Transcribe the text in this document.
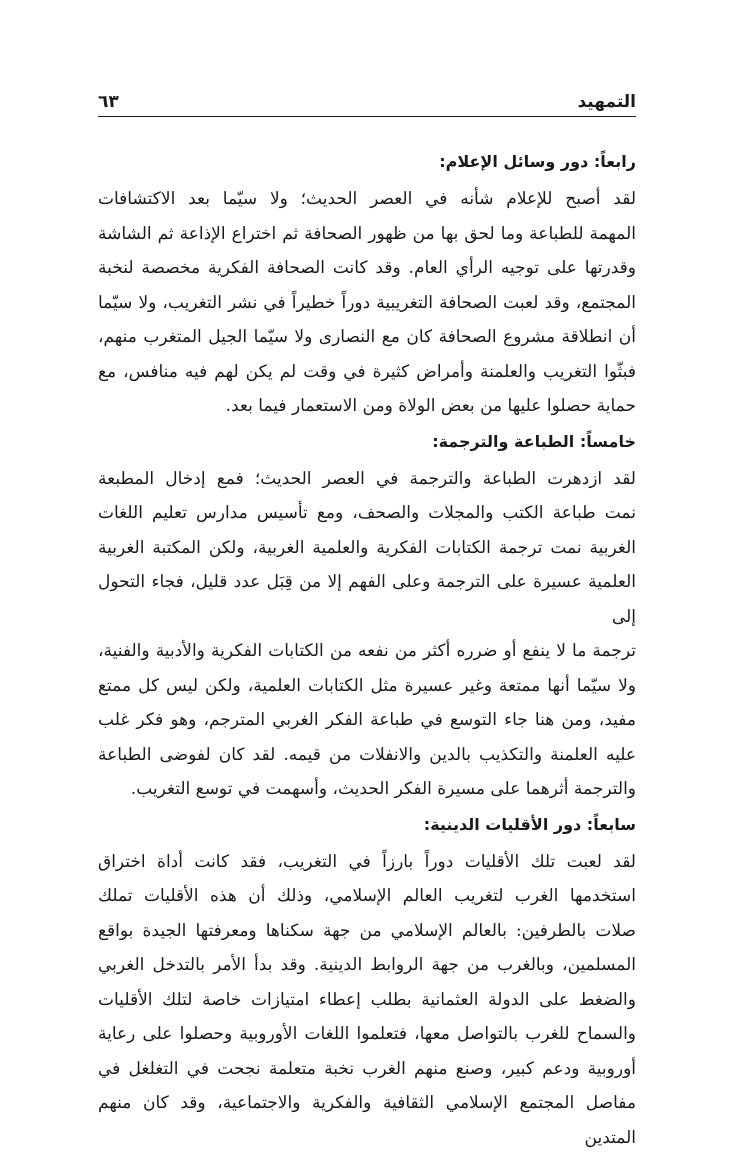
التمهيد
٦٣
رابعاً: دور وسائل الإعلام:
لقد أصبح للإعلام شأنه في العصر الحديث؛ ولا سيّما بعد الاكتشافات
المهمة للطباعة وما لحق بها من ظهور الصحافة ثم اختراع الإذاعة ثم الشاشة
وقدرتها على توجيه الرأي العام. وقد كانت الصحافة الفكرية مخصصة لنخبة
المجتمع، وقد لعبت الصحافة التغريبية دوراً خطيراً في نشر التغريب، ولا سيّما
أن انطلاقة مشروع الصحافة كان مع النصارى ولا سيّما الجيل المتغرب منهم،
فبثّوا التغريب والعلمنة وأمراض كثيرة في وقت لم يكن لهم فيه منافس، مع
حماية حصلوا عليها من بعض الولاة ومن الاستعمار فيما بعد.
خامساً: الطباعة والترجمة:
لقد ازدهرت الطباعة والترجمة في العصر الحديث؛ فمع إدخال المطبعة
نمت طباعة الكتب والمجلات والصحف، ومع تأسيس مدارس تعليم اللغات
الغربية نمت ترجمة الكتابات الفكرية والعلمية الغربية، ولكن المكتبة الغربية
العلمية عسيرة على الترجمة وعلى الفهم إلا من قِبَل عدد قليل، فجاء التحول إلى
ترجمة ما لا ينفع أو ضرره أكثر من نفعه من الكتابات الفكرية والأدبية والفنية،
ولا سيّما أنها ممتعة وغير عسيرة مثل الكتابات العلمية، ولكن ليس كل ممتع
مفيد، ومن هنا جاء التوسع في طباعة الفكر الغربي المترجم، وهو فكر غلب
عليه العلمنة والتكذيب بالدين والانفلات من قيمه. لقد كان لفوضى الطباعة
والترجمة أثرهما على مسيرة الفكر الحديث، وأسهمت في توسع التغريب.
سابعاً: دور الأقليات الدينية:
لقد لعبت تلك الأقليات دوراً بارزاً في التغريب، فقد كانت أداة اختراق
استخدمها الغرب لتغريب العالم الإسلامي، وذلك أن هذه الأقليات تملك
صلات بالطرفين: بالعالم الإسلامي من جهة سكناها ومعرفتها الجيدة بواقع
المسلمين، وبالغرب من جهة الروابط الدينية. وقد بدأ الأمر بالتدخل الغربي
والضغط على الدولة العثمانية بطلب إعطاء امتيازات خاصة لتلك الأقليات
والسماح للغرب بالتواصل معها، فتعلموا اللغات الأوروبية وحصلوا على رعاية
أوروبية ودعم كبير، وصنع منهم الغرب نخبة متعلمة نجحت في التغلغل في
مفاصل المجتمع الإسلامي الثقافية والفكرية والاجتماعية، وقد كان منهم المتدين
